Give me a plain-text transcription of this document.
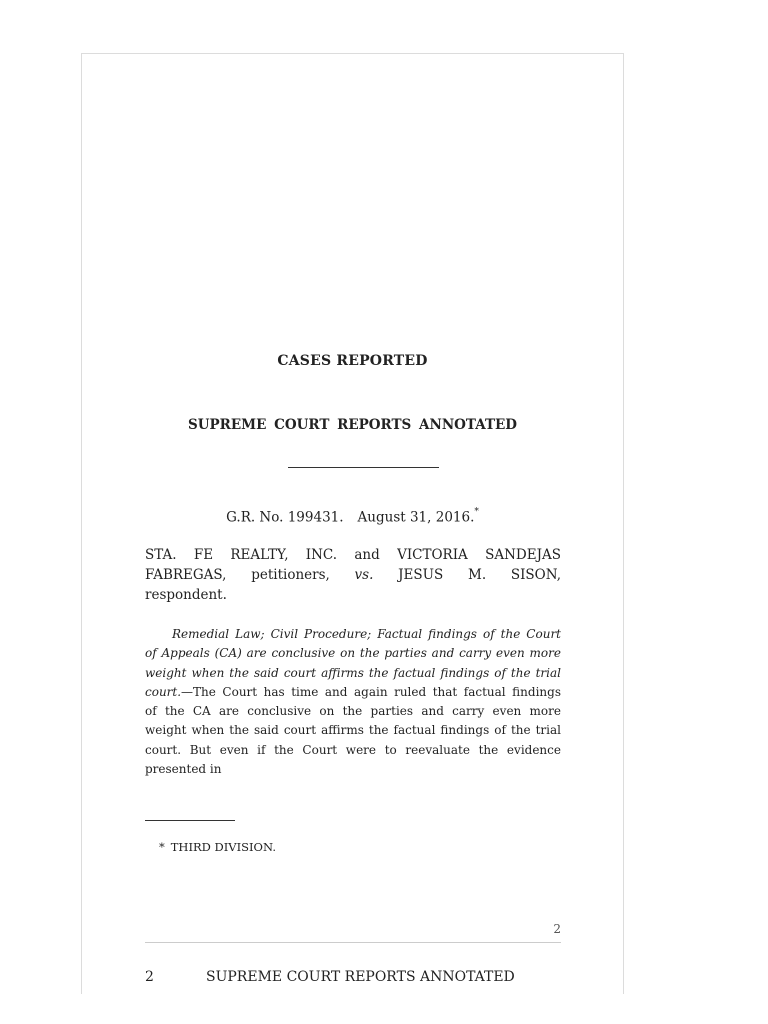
CASES REPORTED
SUPREME COURT REPORTS ANNOTATED
G.R. No. 199431. August 31, 2016.*
STA. FE REALTY, INC. and VICTORIA SANDEJAS
FABREGAS, petitioners, vs. JESUS M. SISON,
respondent.
Remedial Law; Civil Procedure; Factual findings of the Court
of Appeals (CA) are conclusive on the parties and carry even more
weight when the said court affirms the factual findings of the trial
court.—The Court has time and again ruled that factual findings
of the CA are conclusive on the parties and carry even more
weight when the said court affirms the factual findings of the trial
court. But even if the Court were to reevaluate the evidence
presented in
* THIRD DIVISION.
2
2	SUPREME COURT REPORTS ANNOTATED
